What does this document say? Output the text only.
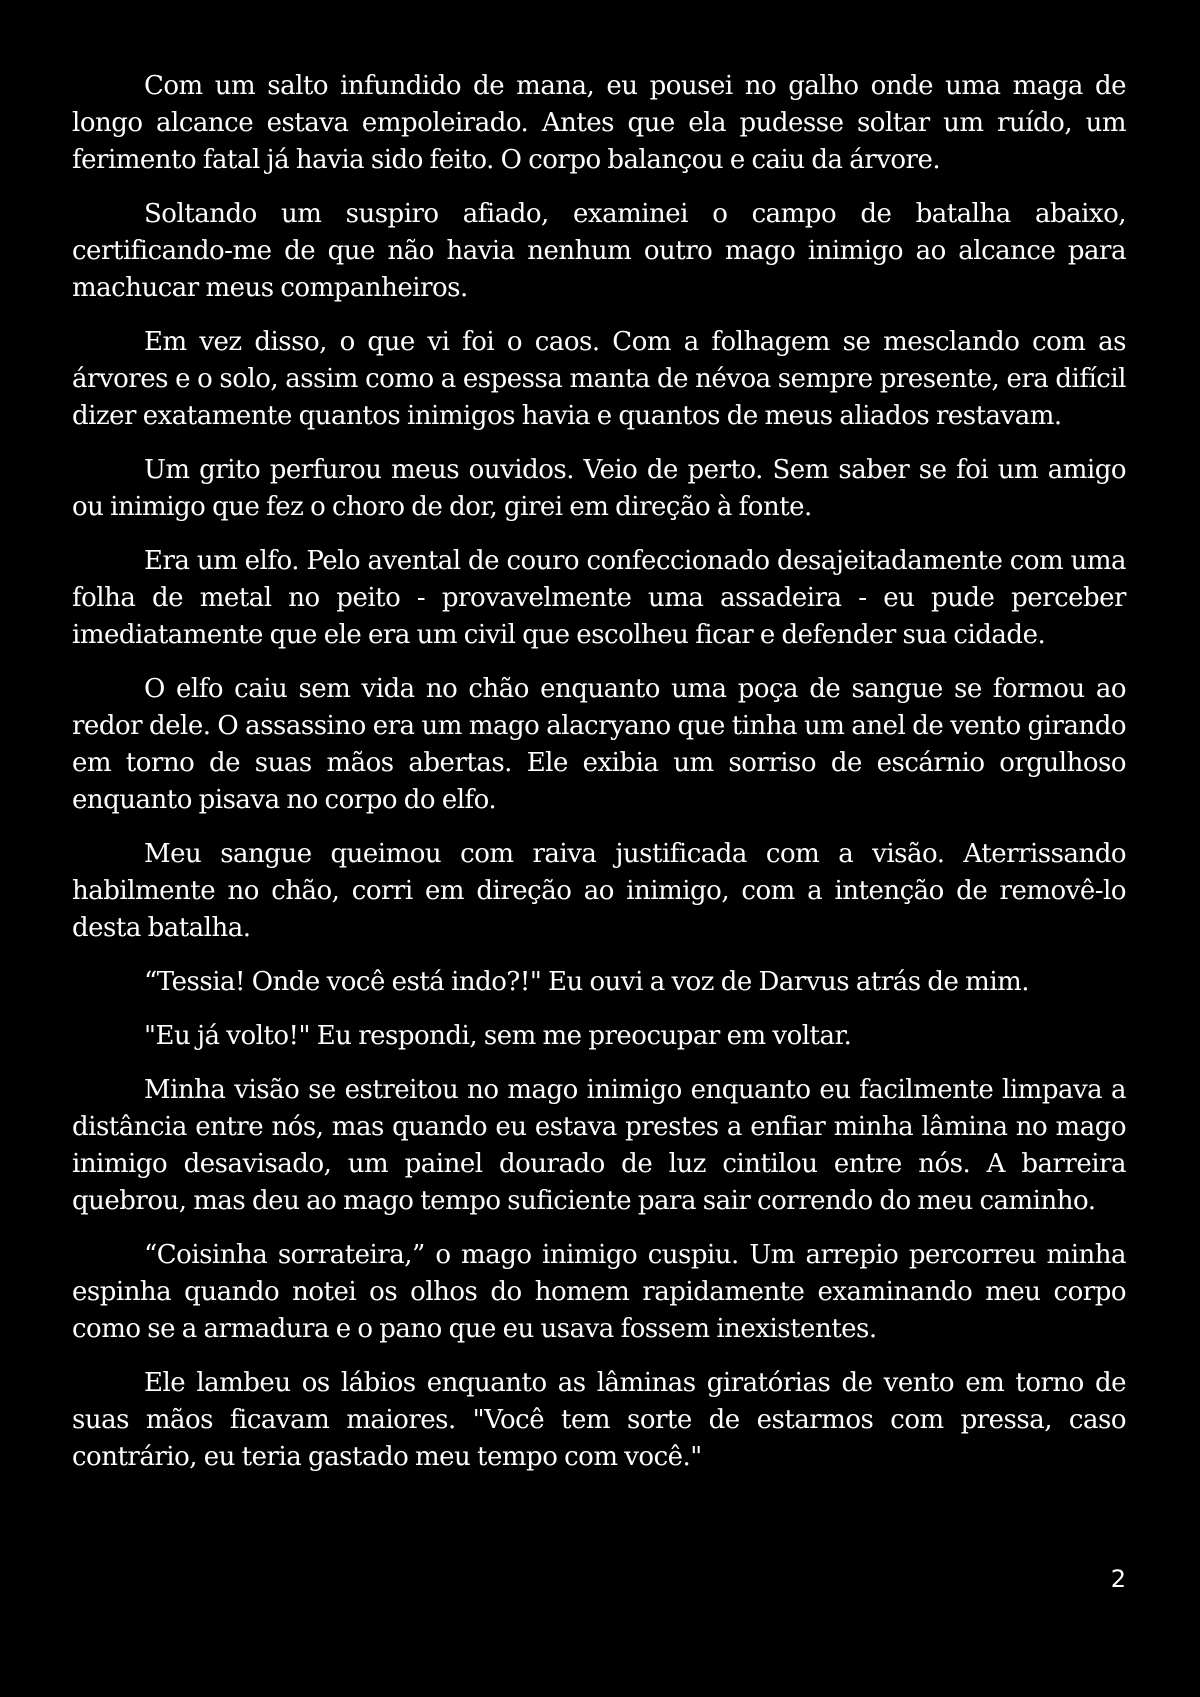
Com um salto infundido de mana, eu pousei no galho onde uma maga de longo alcance estava empoleirado. Antes que ela pudesse soltar um ruído, um ferimento fatal já havia sido feito. O corpo balançou e caiu da árvore.

Soltando um suspiro afiado, examinei o campo de batalha abaixo, certificando-me de que não havia nenhum outro mago inimigo ao alcance para machucar meus companheiros.

Em vez disso, o que vi foi o caos. Com a folhagem se mesclando com as árvores e o solo, assim como a espessa manta de névoa sempre presente, era difícil dizer exatamente quantos inimigos havia e quantos de meus aliados restavam.

Um grito perfurou meus ouvidos. Veio de perto. Sem saber se foi um amigo ou inimigo que fez o choro de dor, girei em direção à fonte.

Era um elfo. Pelo avental de couro confeccionado desajeitadamente com uma folha de metal no peito - provavelmente uma assadeira - eu pude perceber imediatamente que ele era um civil que escolheu ficar e defender sua cidade.

O elfo caiu sem vida no chão enquanto uma poça de sangue se formou ao redor dele. O assassino era um mago alacryano que tinha um anel de vento girando em torno de suas mãos abertas. Ele exibia um sorriso de escárnio orgulhoso enquanto pisava no corpo do elfo.

Meu sangue queimou com raiva justificada com a visão. Aterrissando habilmente no chão, corri em direção ao inimigo, com a intenção de removê-lo desta batalha.

“Tessia! Onde você está indo?!" Eu ouvi a voz de Darvus atrás de mim.

"Eu já volto!" Eu respondi, sem me preocupar em voltar.

Minha visão se estreitou no mago inimigo enquanto eu facilmente limpava a distância entre nós, mas quando eu estava prestes a enfiar minha lâmina no mago inimigo desavisado, um painel dourado de luz cintilou entre nós. A barreira quebrou, mas deu ao mago tempo suficiente para sair correndo do meu caminho.

“Coisinha sorrateira,” o mago inimigo cuspiu. Um arrepio percorreu minha espinha quando notei os olhos do homem rapidamente examinando meu corpo como se a armadura e o pano que eu usava fossem inexistentes.

Ele lambeu os lábios enquanto as lâminas giratórias de vento em torno de suas mãos ficavam maiores. "Você tem sorte de estarmos com pressa, caso contrário, eu teria gastado meu tempo com você."

2
